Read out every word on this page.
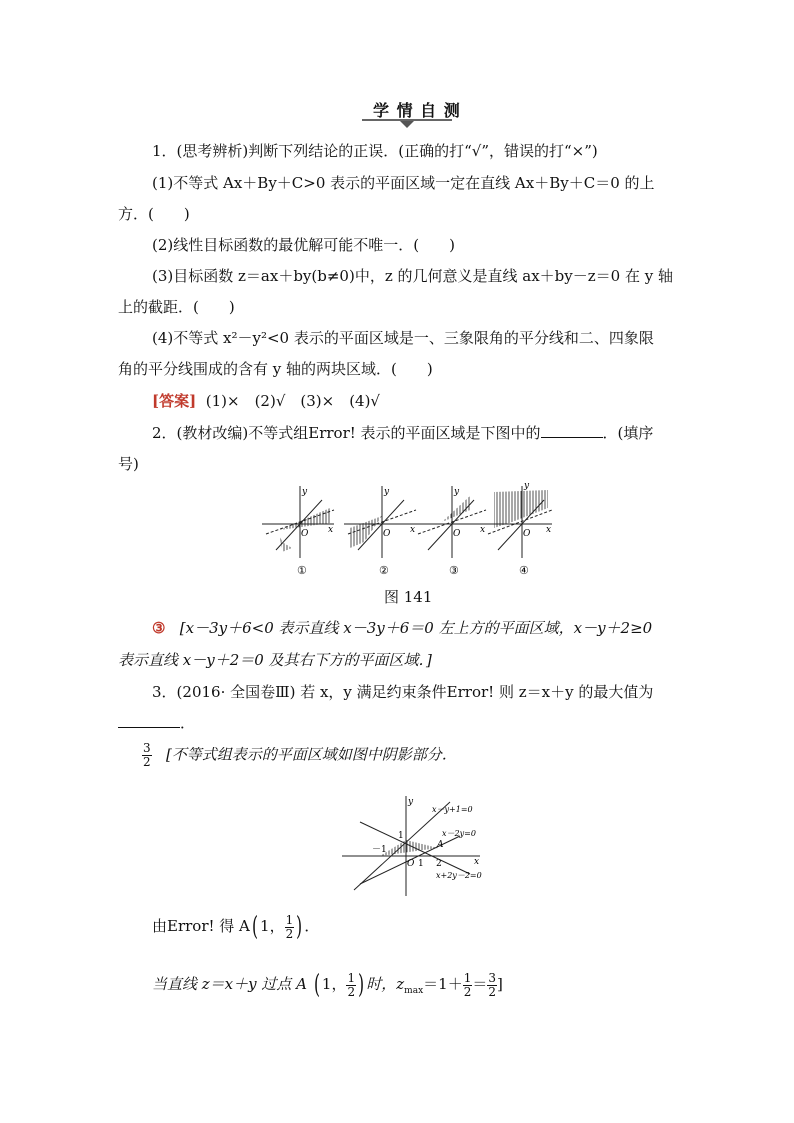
学 情 自 测
1．(思考辨析)判断下列结论的正误．(正确的打“√”，错误的打“×”)
(1)不等式 Ax＋By＋C>0 表示的平面区域一定在直线 Ax＋By＋C＝0 的上
方．(　　)
(2)线性目标函数的最优解可能不唯一．(　　)
(3)目标函数 z＝ax＋by(b≠0)中，z 的几何意义是直线 ax＋by－z＝0 在 y 轴
上的截距．(　　)
(4)不等式 x²－y²<0 表示的平面区域是一、三象限角的平分线和二、四象限
角的平分线围成的含有 y 轴的两块区域．(　　)
[答案] (1)×　(2)√　(3)×　(4)√
2．(教材改编)不等式组Error! 表示的平面区域是下图中的	．(填序
号)
y
x
O
①
y
x
O
②
y
x
O
③
y
x
O
④
图 141
③ [x－3y＋6<0 表示直线 x－3y＋6＝0 左上方的平面区域，x－y＋2≥0
表示直线 x－y＋2＝0 及其右下方的平面区域．]
3．(2016· 全国卷Ⅲ) 若 x，y 满足约束条件Error! 则 z＝x＋y 的最大值为
．
$\frac{3}{2}$ [不等式组表示的平面区域如图中阴影部分．
y
x
O
1
－1
1 2
A
x－y+1=0
x－2y=0
x+2y－2=0
由Error! 得 A( 1， $\frac{1}{2}$ ) ．
当直线 z＝x＋y 过点 A ( 1， $\frac{1}{2}$ ) 时，$z_{max}=1+ \frac{1}{2} = \frac{3}{2}$ ]
